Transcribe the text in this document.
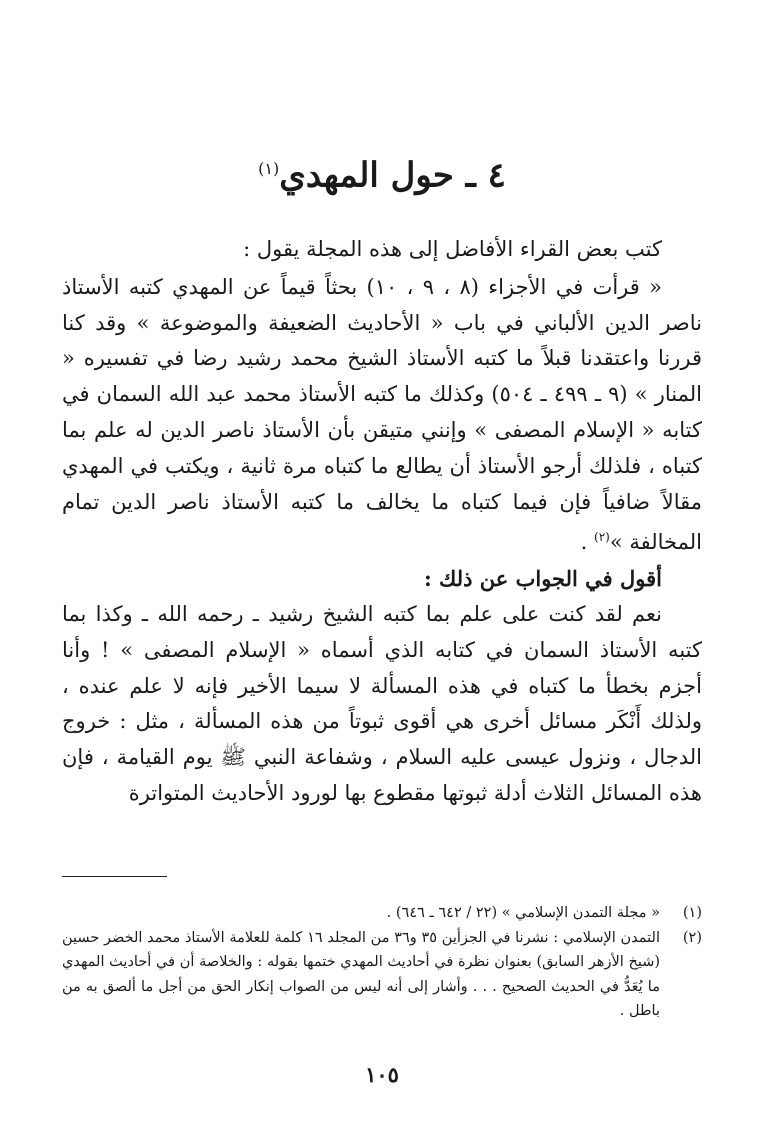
٤ ـ حول المهدي$^{(١)}$

كتب بعض القراء الأفاضل إلى هذه المجلة يقول :

« قرأت في الأجزاء (٨ ، ٩ ، ١٠) بحثاً قيماً عن المهدي كتبه الأستاذ ناصر الدين الألباني في باب « الأحاديث الضعيفة والموضوعة » وقد كنا قررنا واعتقدنا قبلاً ما كتبه الأستاذ الشيخ محمد رشيد رضا في تفسيره « المنار » (٩ ـ ٤٩٩ ـ ٥٠٤) وكذلك ما كتبه الأستاذ محمد عبد الله السمان في كتابه « الإسلام المصفى » وإنني متيقن بأن الأستاذ ناصر الدين له علم بما كتباه ، فلذلك أرجو الأستاذ أن يطالع ما كتباه مرة ثانية ، ويكتب في المهدي مقالاً ضافياً فإن فيما كتباه ما يخالف ما كتبه الأستاذ ناصر الدين تمام المخالفة »$^{(٢)}$ .

أقول في الجواب عن ذلك :

نعم لقد كنت على علم بما كتبه الشيخ رشيد ـ رحمه الله ـ وكذا بما كتبه الأستاذ السمان في كتابه الذي أسماه « الإسلام المصفى » ! وأنا أجزم بخطأ ما كتباه في هذه المسألة لا سيما الأخير فإنه لا علم عنده ، ولذلك أَنْكَر مسائل أخرى هي أقوى ثبوتاً من هذه المسألة ، مثل : خروج الدجال ، ونزول عيسى عليه السلام ، وشفاعة النبي ﷺ يوم القيامة ، فإن هذه المسائل الثلاث أدلة ثبوتها مقطوع بها لورود الأحاديث المتواترة

(١)
« مجلة التمدن الإسلامي » (٢٢ / ٦٤٢ ـ ٦٤٦) .
(٢)
التمدن الإسلامي : نشرنا في الجزأين ٣٥ و٣٦ من المجلد ١٦ كلمة للعلامة الأستاذ محمد الخضر حسين (شيخ الأزهر السابق) بعنوان نظرة في أحاديث المهدي ختمها بقوله : والخلاصة أن في أحاديث المهدي ما يُعَدُّ في الحديث الصحيح . . . وأشار إلى أنه ليس من الصواب إنكار الحق من أجل ما ألصق به من باطل .
١٠٥
